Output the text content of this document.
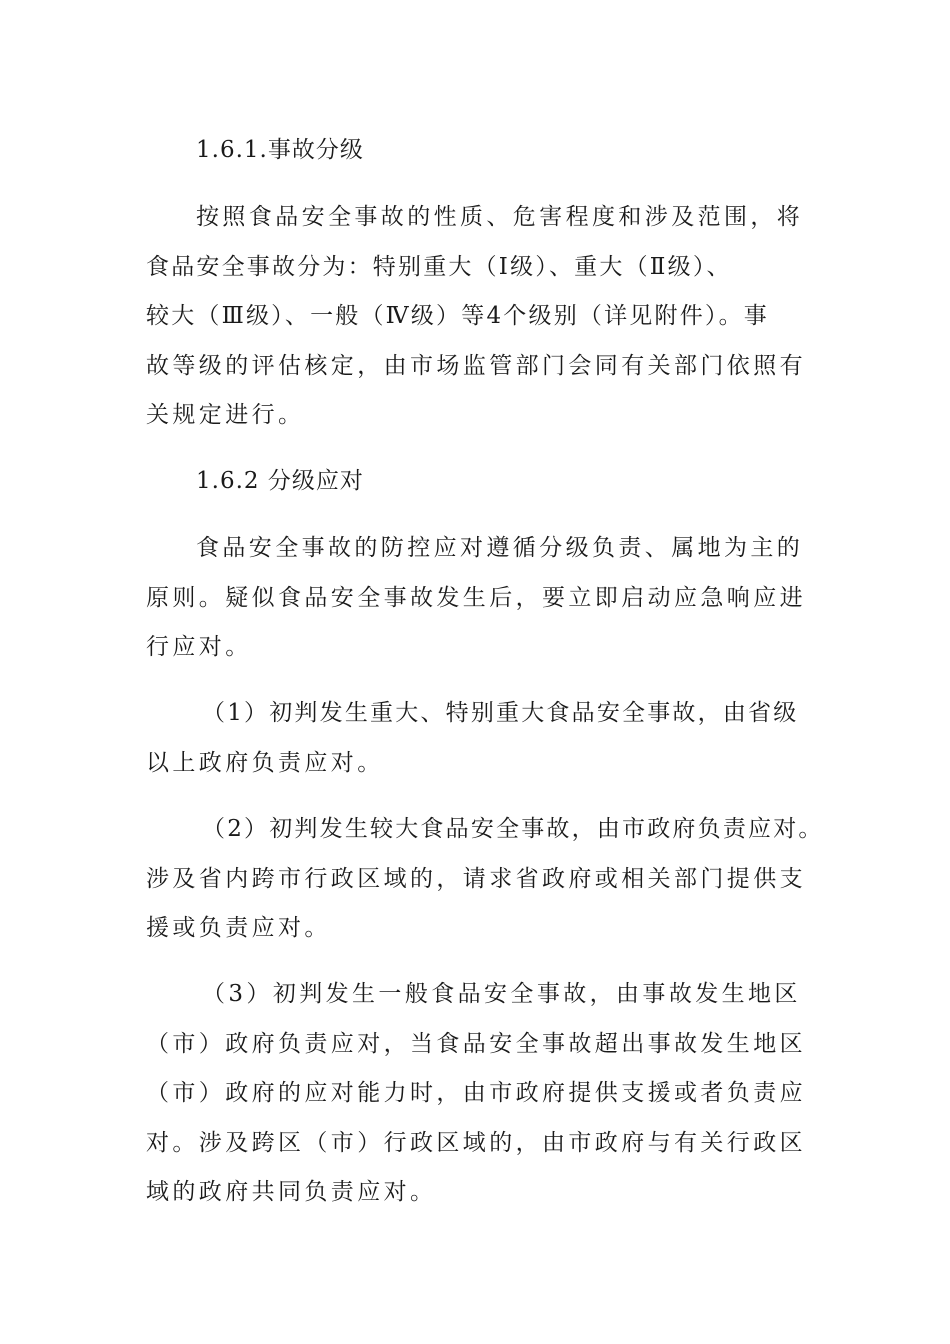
1.6.1.事故分级

按照食品安全事故的性质、危害程度和涉及范围，将

食品安全事故分为：特别重大（Ⅰ级）、重大（Ⅱ级）、

较大（Ⅲ级）、一般（Ⅳ级）等4个级别（详见附件）。事

故等级的评估核定，由市场监管部门会同有关部门依照有

关规定进行。

1.6.2 分级应对

食品安全事故的防控应对遵循分级负责、属地为主的

原则。疑似食品安全事故发生后，要立即启动应急响应进

行应对。

（1）初判发生重大、特别重大食品安全事故，由省级

以上政府负责应对。

（2）初判发生较大食品安全事故，由市政府负责应对。

涉及省内跨市行政区域的，请求省政府或相关部门提供支

援或负责应对。

（3）初判发生一般食品安全事故，由事故发生地区

（市）政府负责应对，当食品安全事故超出事故发生地区

（市）政府的应对能力时，由市政府提供支援或者负责应

对。涉及跨区（市）行政区域的，由市政府与有关行政区

域的政府共同负责应对。
